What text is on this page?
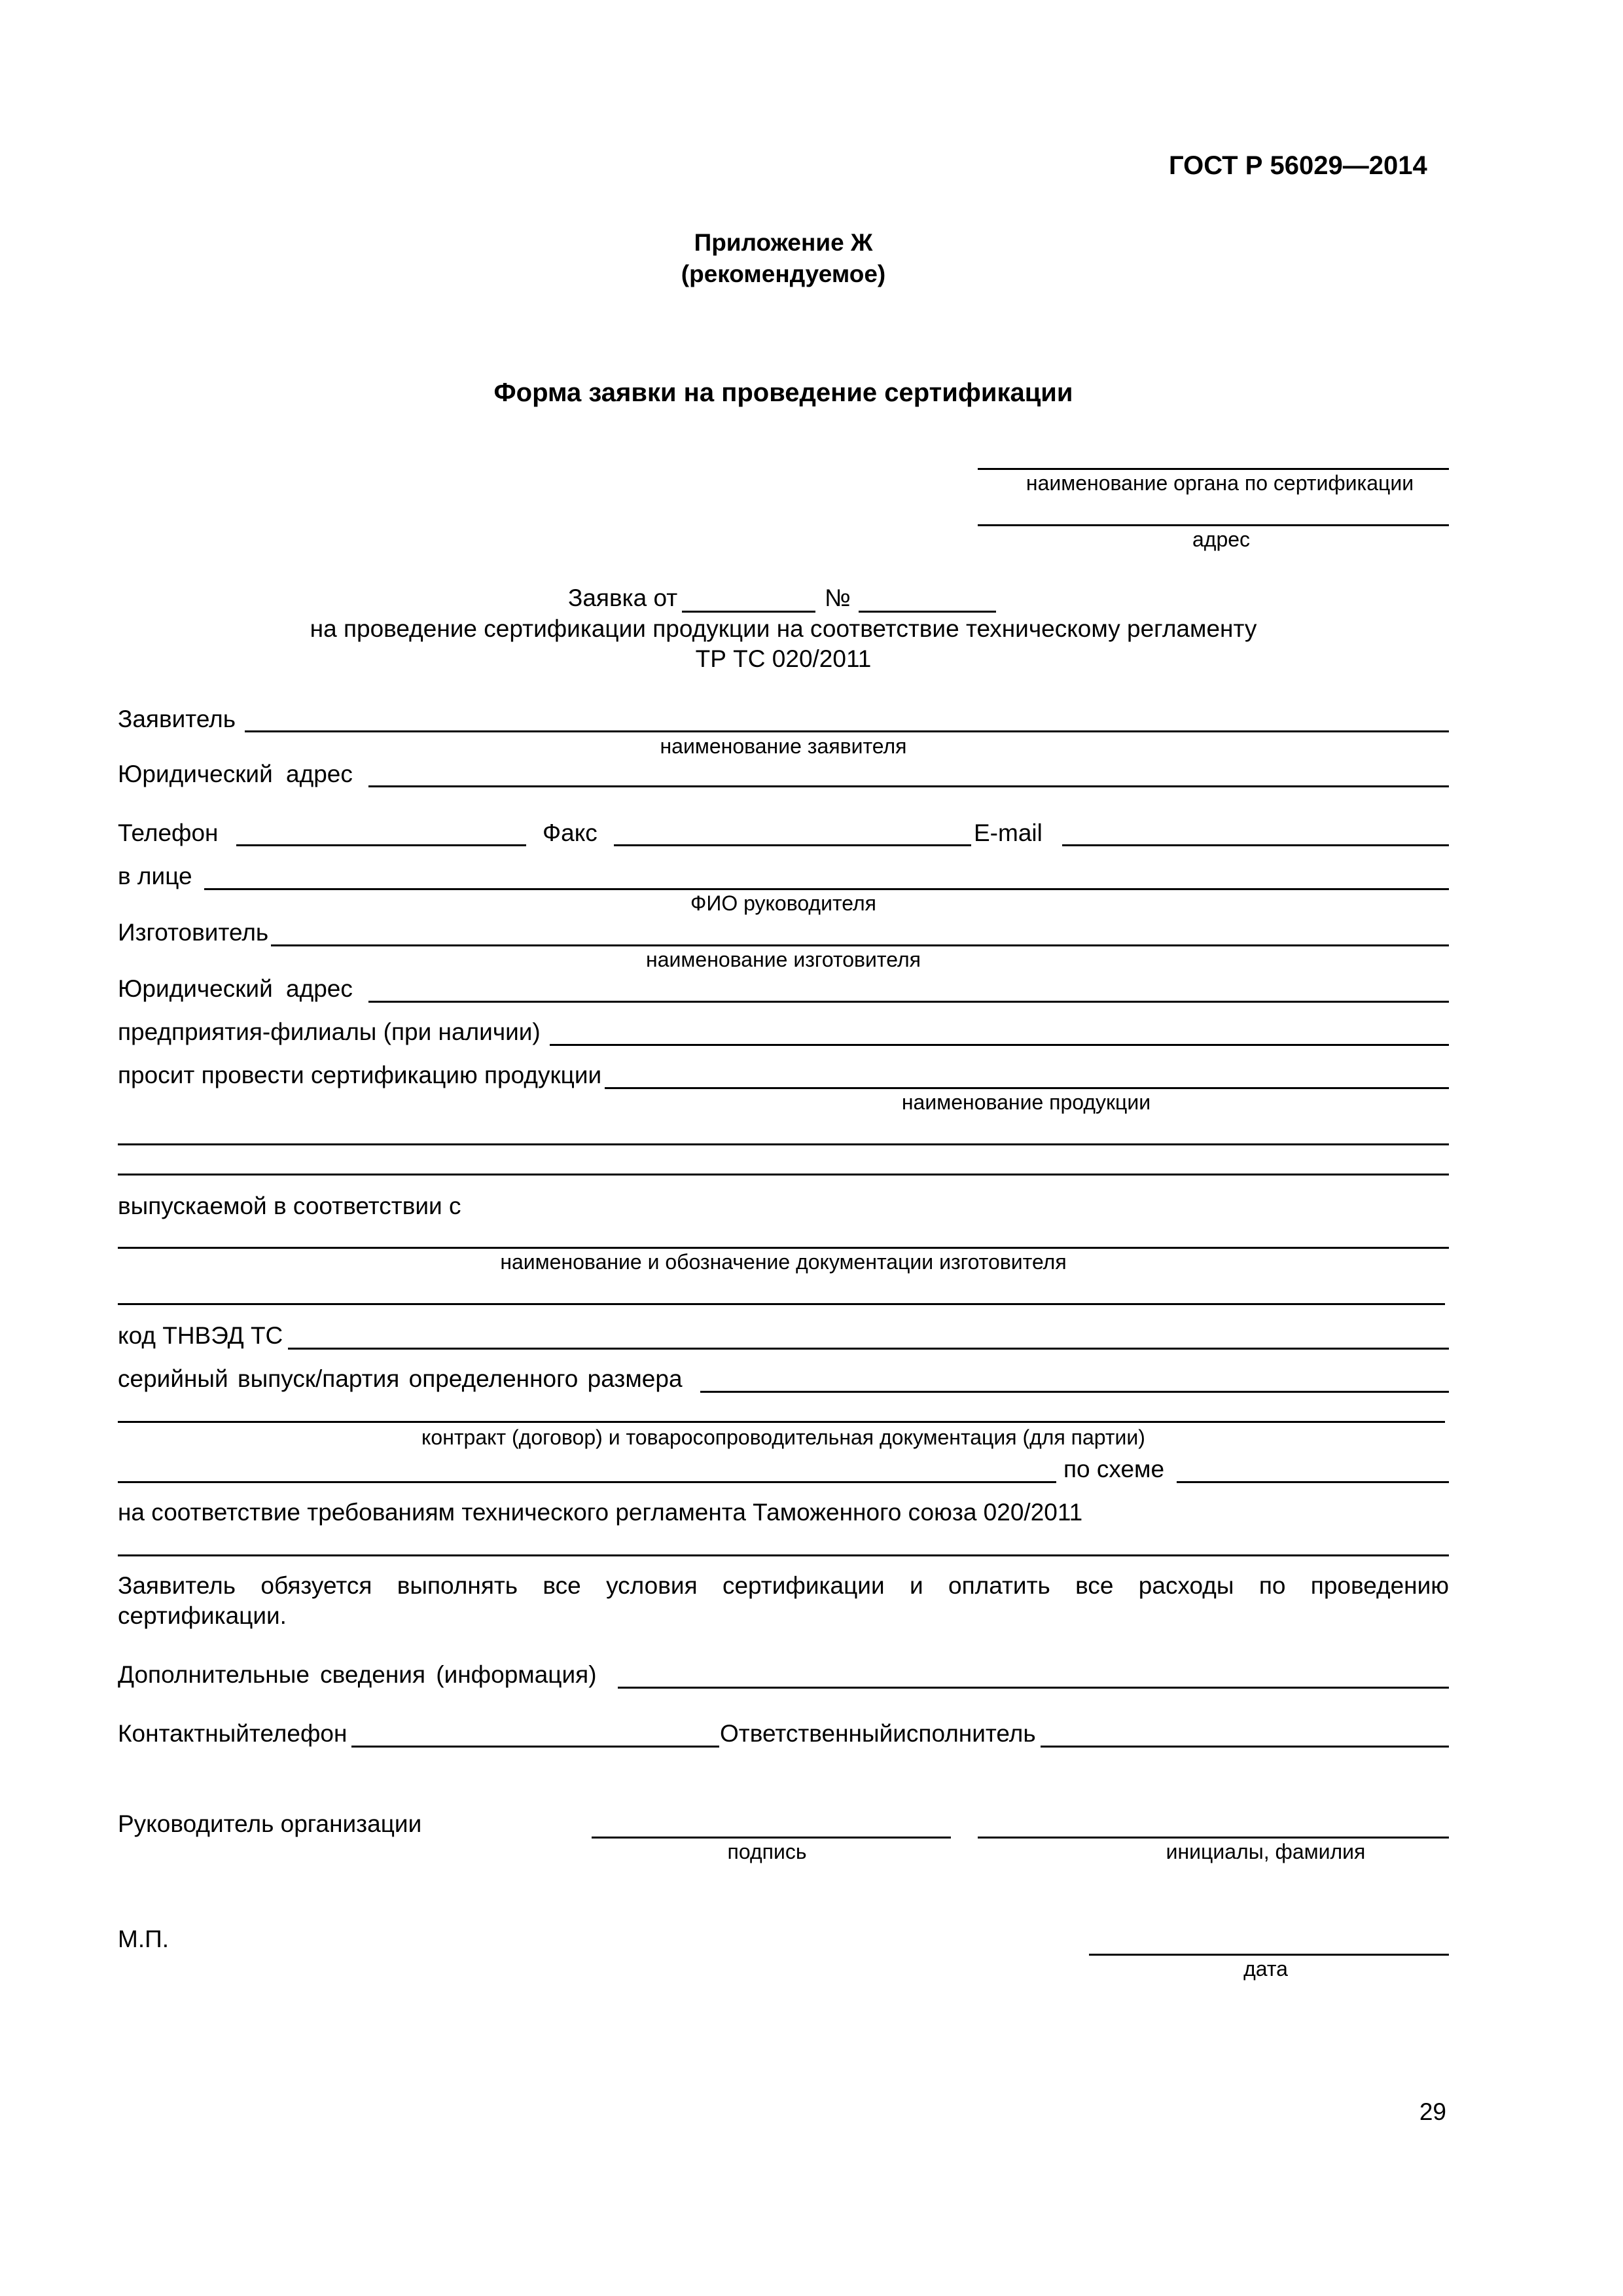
ГОСТ Р 56029—2014
Приложение Ж
(рекомендуемое)
Форма заявки на проведение сертификации
наименование органа по сертификации
адрес
Заявка от	№
на проведение сертификации продукции на соответствие техническому регламенту
ТР ТС 020/2011
Заявитель
наименование заявителя
Юридический адрес
Телефон	Факс	E-mail
в лице
ФИО руководителя
Изготовитель
наименование изготовителя
Юридический адрес
предприятия-филиалы (при наличии)
просит провести сертификацию продукции
наименование продукции
выпускаемой в соответствии с
наименование и обозначение документации изготовителя
код ТНВЭД ТС
серийный выпуск/партия определенного размера
контракт (договор) и товаросопроводительная документация (для партии)
по схеме
на соответствие требованиям технического регламента Таможенного союза 020/2011
Заявитель обязуется выполнять все условия сертификации и оплатить все расходы по проведению
сертификации.
Дополнительные сведения (информация)
Контактныйтелефон	Ответственныйисполнитель
Руководитель организации
подпись	инициалы, фамилия
М.П.
дата
29
